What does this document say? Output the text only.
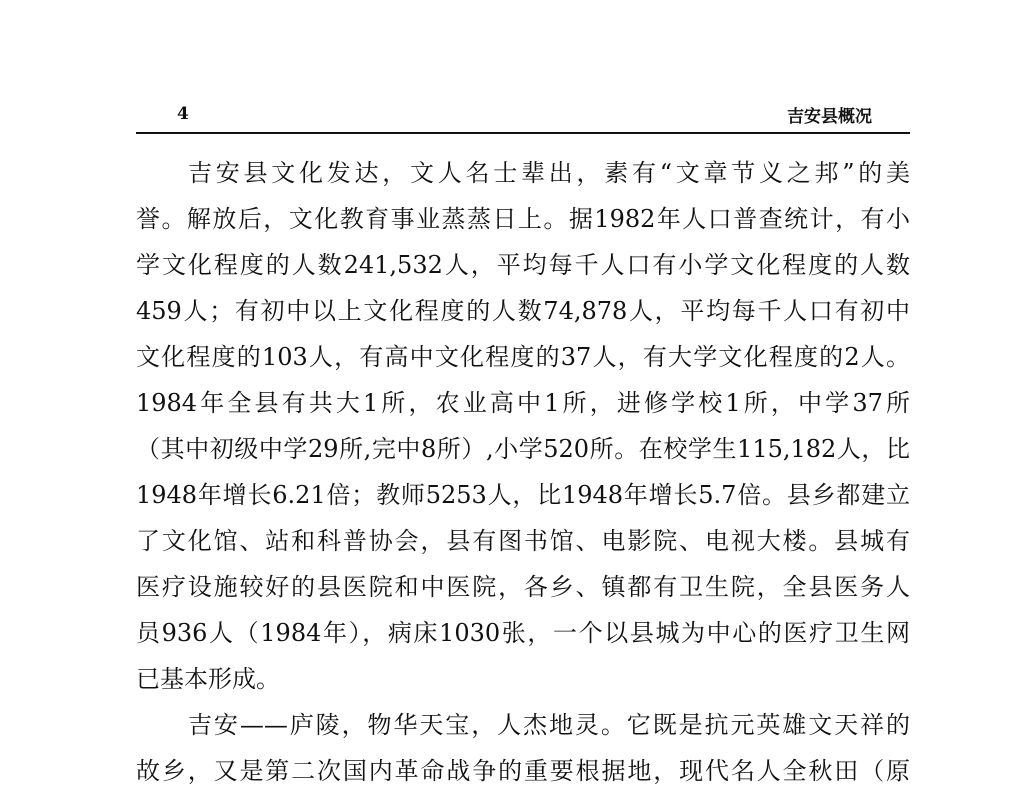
4	吉安县概况
吉安县文化发达，文人名士辈出，素有“文章节义之邦”的美
誉。解放后，文化教育事业蒸蒸日上。据1982年人口普查统计，有小
学文化程度的人数241,532人，平均每千人口有小学文化程度的人数
459人；有初中以上文化程度的人数74,878人，平均每千人口有初中
文化程度的103人，有高中文化程度的37人，有大学文化程度的2人。
1984年全县有共大1所，农业高中1所，进修学校1所，中学37所
（其中初级中学29所,完中8所）,小学520所。在校学生115,182人，比
1948年增长6.21倍；教师5253人，比1948年增长5.7倍。县乡都建立
了文化馆、站和科普协会，县有图书馆、电影院、电视大楼。县城有
医疗设施较好的县医院和中医院，各乡、镇都有卫生院，全县医务人
员936人（1984年），病床1030张，一个以县城为中心的医疗卫生网
已基本形成。
吉安——庐陵，物华天宝，人杰地灵。它既是抗元英雄文天祥的
故乡，又是第二次国内革命战争的重要根据地，现代名人全秋田（原
